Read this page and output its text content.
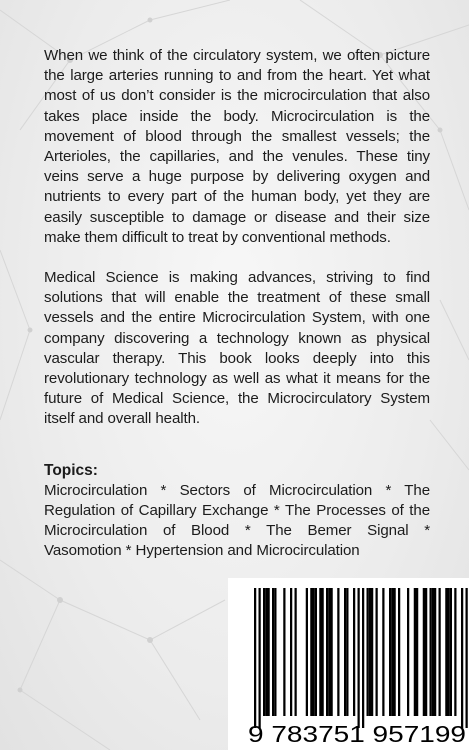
When we think of the circulatory system, we often picture the large arteries running to and from the heart. Yet what most of us don’t consider is the microcirculation that also takes place inside the body. Microcirculation is the movement of blood through the smallest vessels; the Arterioles, the capillaries, and the venules. These tiny veins serve a huge purpose by delivering oxygen and nutrients to every part of the human body, yet they are easily susceptible to damage or disease and their size make them difficult to treat by conventional methods.

Medical Science is making advances, striving to find solutions that will enable the treatment of these small vessels and the entire Microcirculation System, with one company discovering a technology known as physical vascular therapy. This book looks deeply into this revolutionary technology as well as what it means for the future of Medical Science, the Microcirculatory System itself and overall health.

Topics:

Microcirculation * Sectors of Microcirculation * The Regulation of Capillary Exchange * The Processes of the Microcirculation of Blood * The Bemer Signal * Vasomotion * Hypertension and Microcirculation

9 783751 957199
